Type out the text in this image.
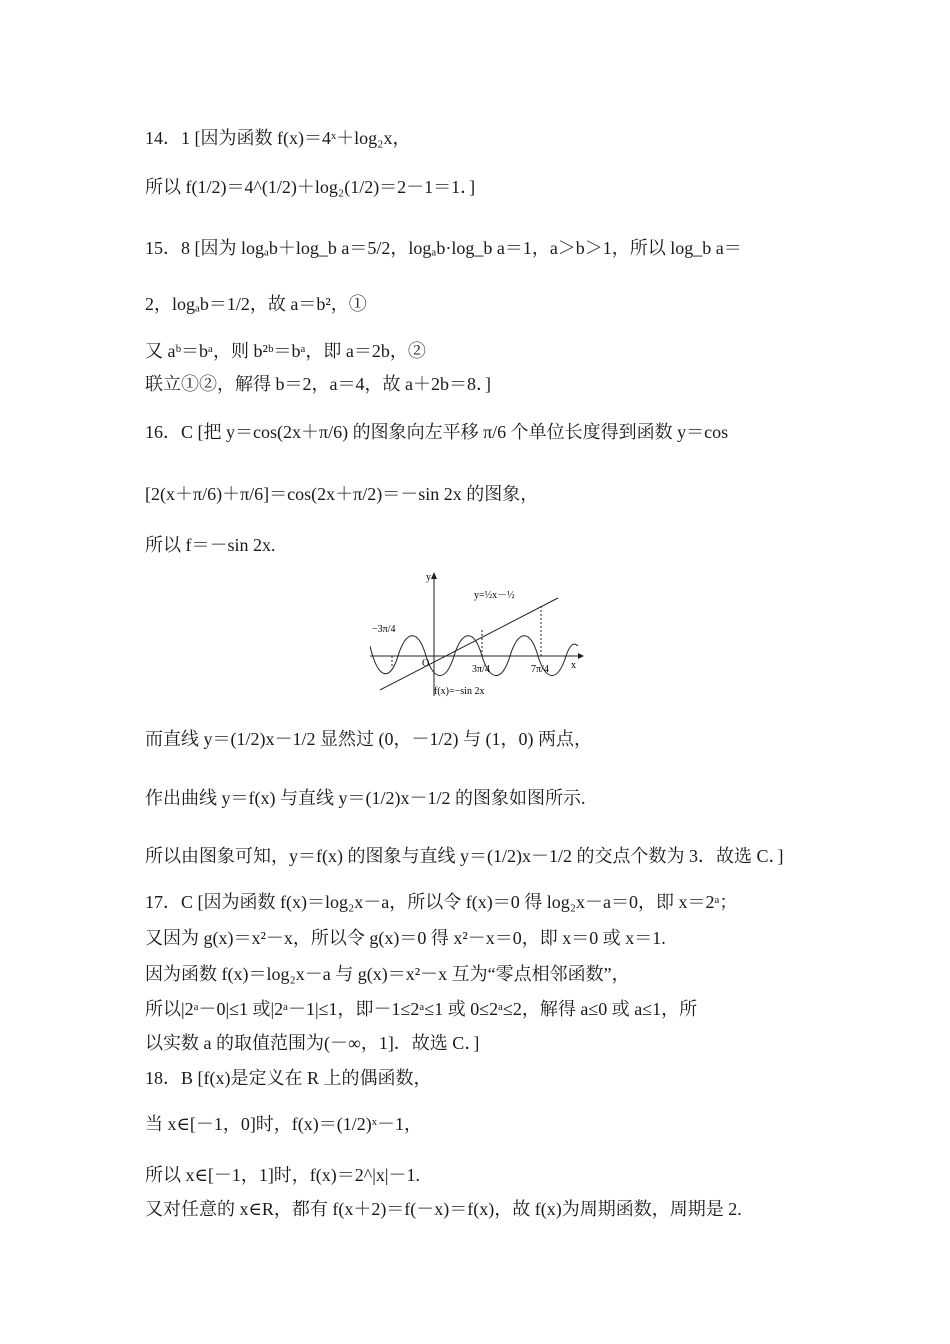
14．1 [因为函数 f(x)＝4ˣ＋log₂x，
所以 f(1/2)＝4^(1/2)＋log₂(1/2)＝2－1＝1．]
15．8 [因为 logₐb＋log_b a＝5/2，logₐb·log_b a＝1，a＞b＞1，所以 log_b a＝
2，logₐb＝1/2，故 a＝b²，①
又 aᵇ＝bᵃ，则 b²ᵇ＝bᵃ，即 a＝2b，②
联立①②，解得 b＝2，a＝4，故 a＋2b＝8．]
16．C [把 y＝cos(2x＋π/6) 的图象向左平移 π/6 个单位长度得到函数 y＝cos
[2(x＋π/6)＋π/6]＝cos(2x＋π/2)＝－sin 2x 的图象，
所以 f＝－sin 2x.
y
x
O
y=½x－½
f(x)=−sin 2x
−3π/4
3π/4	7π/4
而直线 y＝(1/2)x－1/2 显然过 (0，－1/2) 与 (1，0) 两点，
作出曲线 y＝f(x) 与直线 y＝(1/2)x－1/2 的图象如图所示.
所以由图象可知，y＝f(x) 的图象与直线 y＝(1/2)x－1/2 的交点个数为 3．故选 C．]
17．C [因为函数 f(x)＝log₂x－a，所以令 f(x)＝0 得 log₂x－a＝0，即 x＝2ᵃ；
又因为 g(x)＝x²－x，所以令 g(x)＝0 得 x²－x＝0，即 x＝0 或 x＝1.
因为函数 f(x)＝log₂x－a 与 g(x)＝x²－x 互为“零点相邻函数”，
所以|2ᵃ－0|≤1 或|2ᵃ－1|≤1，即－1≤2ᵃ≤1 或 0≤2ᵃ≤2，解得 a≤0 或 a≤1，所
以实数 a 的取值范围为(－∞，1]．故选 C．]
18．B [f(x)是定义在 R 上的偶函数，
当 x∈[－1，0]时，f(x)＝(1/2)ˣ－1，
所以 x∈[－1，1]时，f(x)＝2^|x|－1.
又对任意的 x∈R，都有 f(x＋2)＝f(－x)＝f(x)，故 f(x)为周期函数，周期是 2.
